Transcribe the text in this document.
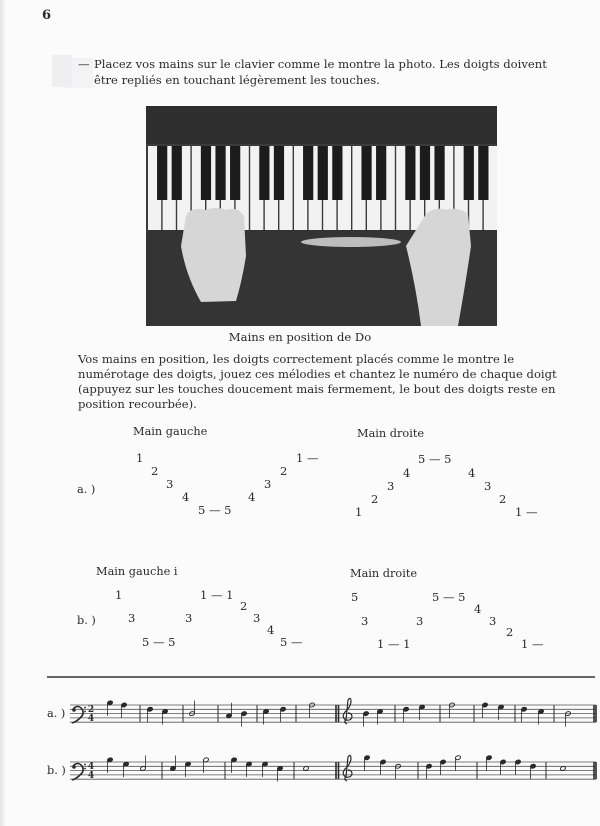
6
— Placez vos mains sur le clavier comme le montre la photo. Les doigts doivent être repliés en touchant légèrement les touches.
Mains en position de Do
Vos mains en position, les doigts correctement placés comme le montre le numérotage des doigts, jouez ces mélodies et chantez le numéro de chaque doigt (appuyez sur les touches doucement mais fermement, le bout des doigts reste en position recourbée).
Main gauche	Main droite
a. )
1
2
3
4
5 — 5
4
3
2
1 —
1
2
3
4
5 — 5
4
3
2
1 —
Main gauche i	Main droite
b. )
1
3
5 — 5
3
1 — 1
2
3
4
5 —
5
3
1 — 1
3
5 — 5
4
3
2
1 —
a. )
b. )
2
4
4
4
